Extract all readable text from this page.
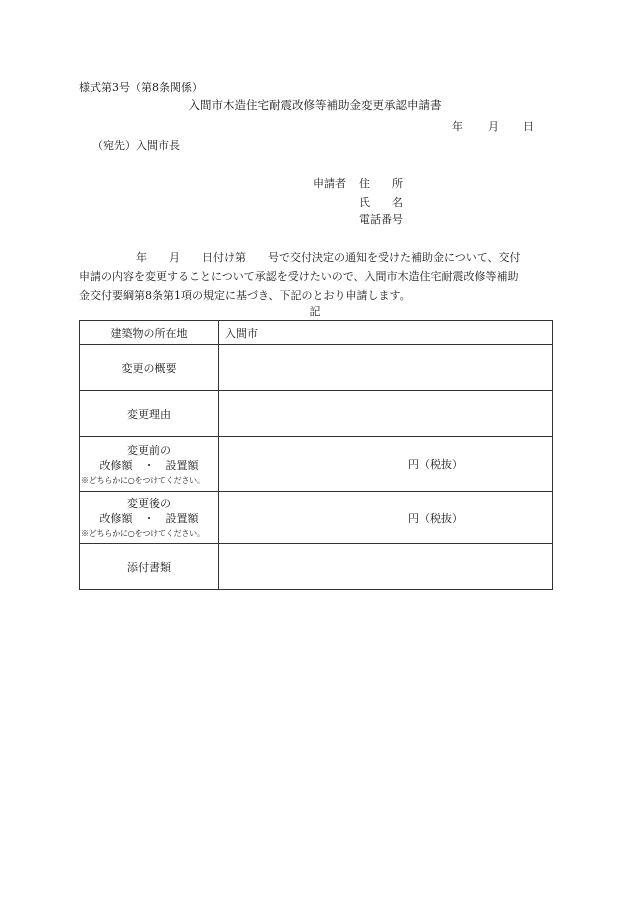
様式第3号（第8条関係）
入間市木造住宅耐震改修等補助金変更承認申請書
年 月 日
（宛先）入間市長
申請者 住　　所
氏　　名
電話番号
年　　月　　日付け第　　号で交付決定の通知を受けた補助金について、交付
申請の内容を変更することについて承認を受けたいので、入間市木造住宅耐震改修等補助
金交付要綱第8条第1項の規定に基づき、下記のとおり申請します。
記
建築物の所在地	入間市
変更の概要	
変更理由	

変更前の
改修額　・　設置額
※どちらかに○をつけてください。	円（税抜）

変更後の
改修額　・　設置額
※どちらかに○をつけてください。	円（税抜）
添付書類	
